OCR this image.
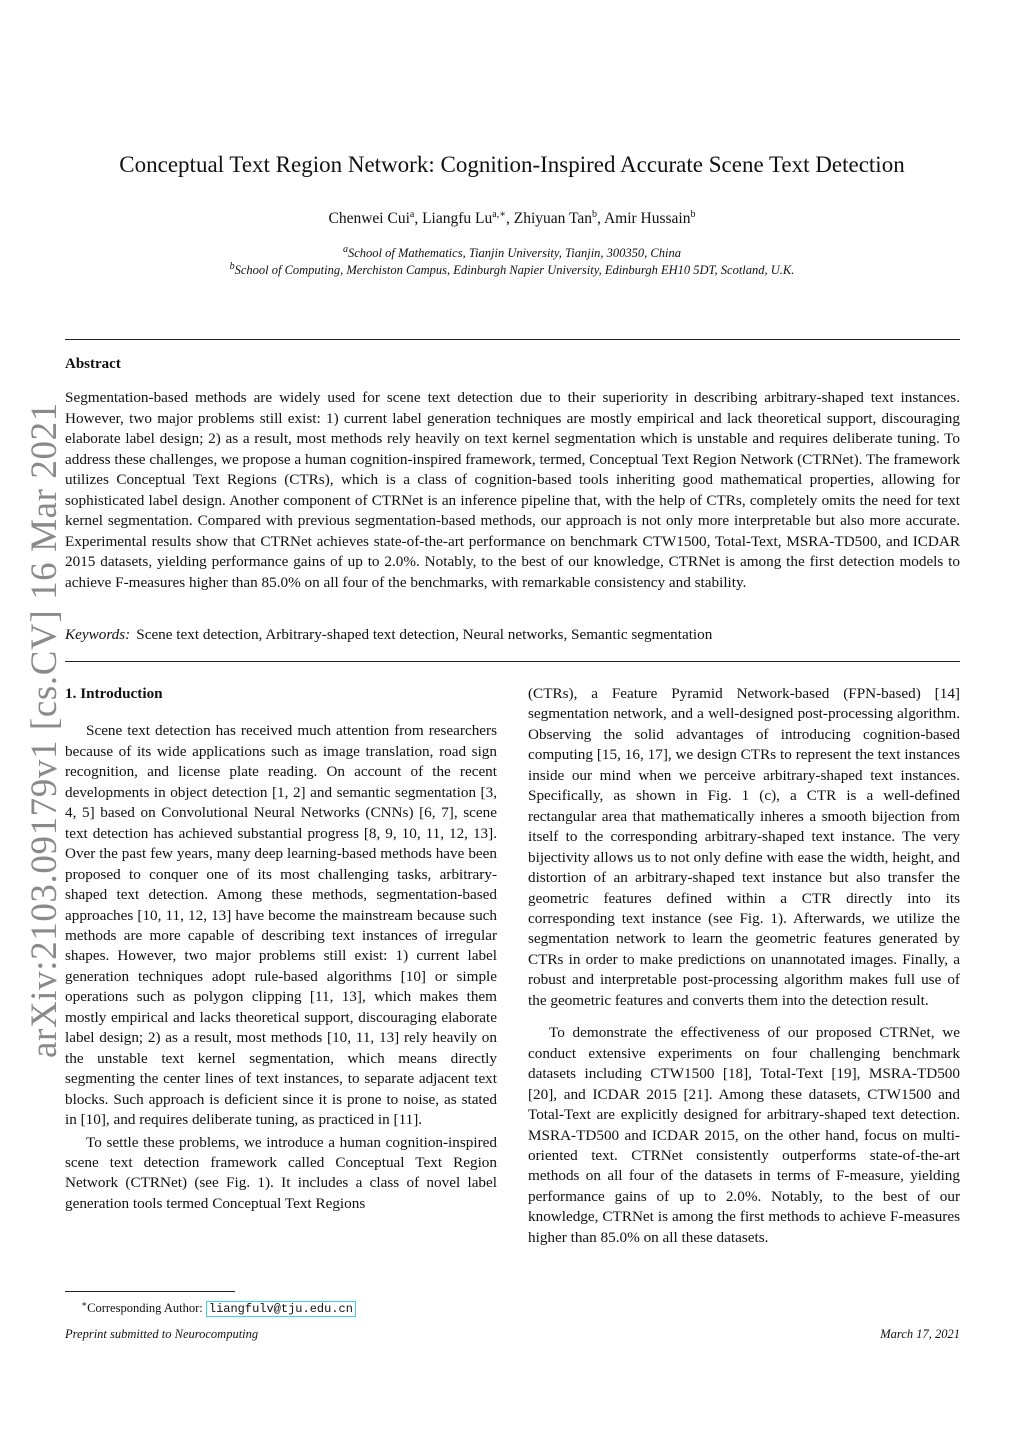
arXiv:2103.09179v1 [cs.CV] 16 Mar 2021
Conceptual Text Region Network: Cognition-Inspired Accurate Scene Text Detection
Chenwei Cui$^a$, Liangfu $Lu^{a,∗}$, Zhiyuan Tan$^b$, Amir Hussain$^b$
$^a$School of Mathematics, Tianjin University, Tianjin, 300350, China
$^b$School of Computing, Merchiston Campus, Edinburgh Napier University, Edinburgh EH10 5DT, Scotland, U.K.
Abstract
Segmentation-based methods are widely used for scene text detection due to their superiority in describing arbitrary-shaped text instances. However, two major problems still exist: 1) current label generation techniques are mostly empirical and lack theoretical support, discouraging elaborate label design; 2) as a result, most methods rely heavily on text kernel segmentation which is unstable and requires deliberate tuning. To address these challenges, we propose a human cognition-inspired framework, termed, Conceptual Text Region Network (CTRNet). The framework utilizes Conceptual Text Regions (CTRs), which is a class of cognition-based tools inheriting good mathematical properties, allowing for sophisticated label design. Another component of CTRNet is an inference pipeline that, with the help of CTRs, completely omits the need for text kernel segmentation. Compared with previous segmentation-based methods, our approach is not only more interpretable but also more accurate. Experimental results show that CTRNet achieves state-of-the-art performance on benchmark CTW1500, Total-Text, MSRA-TD500, and ICDAR 2015 datasets, yielding performance gains of up to 2.0%. Notably, to the best of our knowledge, CTRNet is among the first detection models to achieve F-measures higher than 85.0% on all four of the benchmarks, with remarkable consistency and stability.
Keywords: Scene text detection, Arbitrary-shaped text detection, Neural networks, Semantic segmentation
1. Introduction

Scene text detection has received much attention from researchers because of its wide applications such as image translation, road sign recognition, and license plate reading. On account of the recent developments in object detection [1, 2] and semantic segmentation [3, 4, 5] based on Convolutional Neural Networks (CNNs) [6, 7], scene text detection has achieved substantial progress [8, 9, 10, 11, 12, 13]. Over the past few years, many deep learning-based methods have been proposed to conquer one of its most challenging tasks, arbitrary-shaped text detection. Among these methods, segmentation-based approaches [10, 11, 12, 13] have become the mainstream because such methods are more capable of describing text instances of irregular shapes. However, two major problems still exist: 1) current label generation techniques adopt rule-based algorithms [10] or simple operations such as polygon clipping [11, 13], which makes them mostly empirical and lacks theoretical support, discouraging elaborate label design; 2) as a result, most methods [10, 11, 13] rely heavily on the unstable text kernel segmentation, which means directly segmenting the center lines of text instances, to separate adjacent text blocks. Such approach is deficient since it is prone to noise, as stated in [10], and requires deliberate tuning, as practiced in [11].

To settle these problems, we introduce a human cognition-inspired scene text detection framework called Conceptual Text Region Network (CTRNet) (see Fig. 1). It includes a class of novel label generation tools termed Conceptual Text Regions

(CTRs), a Feature Pyramid Network-based (FPN-based) [14] segmentation network, and a well-designed post-processing algorithm. Observing the solid advantages of introducing cognition-based computing [15, 16, 17], we design CTRs to represent the text instances inside our mind when we perceive arbitrary-shaped text instances. Specifically, as shown in Fig. 1 (c), a CTR is a well-defined rectangular area that mathematically inheres a smooth bijection from itself to the corresponding arbitrary-shaped text instance. The very bijectivity allows us to not only define with ease the width, height, and distortion of an arbitrary-shaped text instance but also transfer the geometric features defined within a CTR directly into its corresponding text instance (see Fig. 1). Afterwards, we utilize the segmentation network to learn the geometric features generated by CTRs in order to make predictions on unannotated images. Finally, a robust and interpretable post-processing algorithm makes full use of the geometric features and converts them into the detection result.

To demonstrate the effectiveness of our proposed CTRNet, we conduct extensive experiments on four challenging benchmark datasets including CTW1500 [18], Total-Text [19], MSRA-TD500 [20], and ICDAR 2015 [21]. Among these datasets, CTW1500 and Total-Text are explicitly designed for arbitrary-shaped text detection. MSRA-TD500 and ICDAR 2015, on the other hand, focus on multi-oriented text. CTRNet consistently outperforms state-of-the-art methods on all four of the datasets in terms of F-measure, yielding performance gains of up to 2.0%. Notably, to the best of our knowledge, CTRNet is among the first methods to achieve F-measures higher than 85.0% on all these datasets.

∗Corresponding Author: liangfulv@tju.edu.cn
Preprint submitted to Neurocomputing	March 17, 2021
